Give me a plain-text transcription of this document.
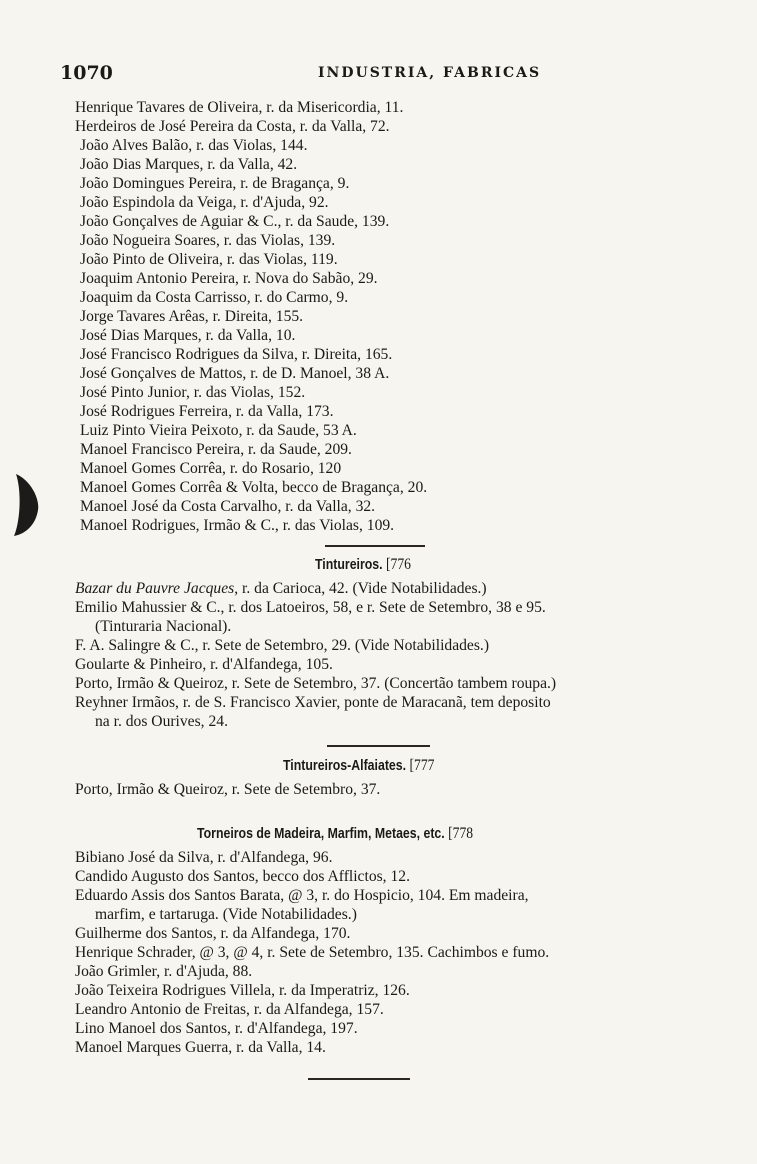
1070	INDUSTRIA, FABRICAS
Henrique Tavares de Oliveira, r. da Misericordia, 11.
Herdeiros de José Pereira da Costa, r. da Valla, 72.
João Alves Balão, r. das Violas, 144.
João Dias Marques, r. da Valla, 42.
João Domingues Pereira, r. de Bragança, 9.
João Espindola da Veiga, r. d'Ajuda, 92.
João Gonçalves de Aguiar & C., r. da Saude, 139.
João Nogueira Soares, r. das Violas, 139.
João Pinto de Oliveira, r. das Violas, 119.
Joaquim Antonio Pereira, r. Nova do Sabão, 29.
Joaquim da Costa Carrisso, r. do Carmo, 9.
Jorge Tavares Arêas, r. Direita, 155.
José Dias Marques, r. da Valla, 10.
José Francisco Rodrigues da Silva, r. Direita, 165.
José Gonçalves de Mattos, r. de D. Manoel, 38 A.
José Pinto Junior, r. das Violas, 152.
José Rodrigues Ferreira, r. da Valla, 173.
Luiz Pinto Vieira Peixoto, r. da Saude, 53 A.
Manoel Francisco Pereira, r. da Saude, 209.
Manoel Gomes Corrêa, r. do Rosario, 120
Manoel Gomes Corrêa & Volta, becco de Bragança, 20.
Manoel José da Costa Carvalho, r. da Valla, 32.
Manoel Rodrigues, Irmão & C., r. das Violas, 109.
Tintureiros. [776
Bazar du Pauvre Jacques, r. da Carioca, 42. (Vide Notabilidades.)
Emilio Mahussier & C., r. dos Latoeiros, 58, e r. Sete de Setembro, 38 e 95.
(Tinturaria Nacional).
F. A. Salingre & C., r. Sete de Setembro, 29. (Vide Notabilidades.)
Goularte & Pinheiro, r. d'Alfandega, 105.
Porto, Irmão & Queiroz, r. Sete de Setembro, 37. (Concertão tambem roupa.)
Reyhner Irmãos, r. de S. Francisco Xavier, ponte de Maracanã, tem deposito
na r. dos Ourives, 24.
Tintureiros-Alfaiates. [777
Porto, Irmão & Queiroz, r. Sete de Setembro, 37.
Torneiros de Madeira, Marfim, Metaes, etc. [778
Bibiano José da Silva, r. d'Alfandega, 96.
Candido Augusto dos Santos, becco dos Afflictos, 12.
Eduardo Assis dos Santos Barata, @ 3, r. do Hospicio, 104. Em madeira,
marfim, e tartaruga. (Vide Notabilidades.)
Guilherme dos Santos, r. da Alfandega, 170.
Henrique Schrader, @ 3, @ 4, r. Sete de Setembro, 135. Cachimbos e fumo.
João Grimler, r. d'Ajuda, 88.
João Teixeira Rodrigues Villela, r. da Imperatriz, 126.
Leandro Antonio de Freitas, r. da Alfandega, 157.
Lino Manoel dos Santos, r. d'Alfandega, 197.
Manoel Marques Guerra, r. da Valla, 14.
